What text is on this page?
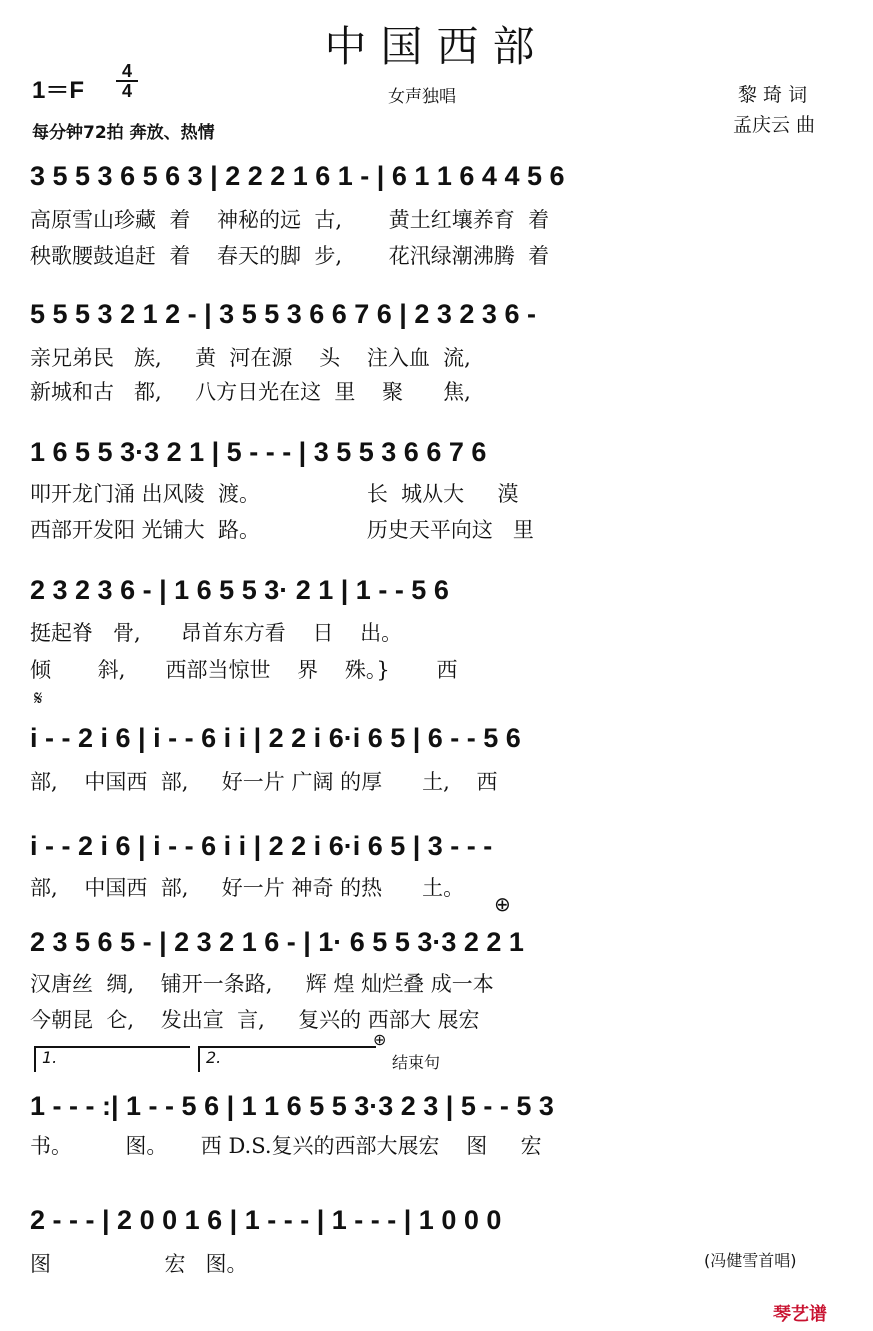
中国西部
1＝F
4
4	女声独唱	黎 琦 词
孟庆云 曲
每分钟72拍 奔放、热情
3 5 5 3 6 5 6 3 | 2 2 2 1 6 1 - | 6 1 1 6 4 4 5 6
高原雪山珍藏  着    神秘的远  古,       黄土红壤养育  着
秧歌腰鼓追赶  着    春天的脚  步,       花汛绿潮沸腾  着
5 5 5 3 2 1 2 - | 3 5 5 3 6 6 7 6 | 2 3 2 3 6 -
亲兄弟民   族,     黄  河在源    头    注入血  流,
新城和古   都,     八方日光在这  里    聚      焦,
1 6 5 5 3·3 2 1 | 5 - - - | 3 5 5 3 6 6 7 6
叩开龙门涌 出风陵  渡。                长  城从大     漠
西部开发阳 光铺大  路。                历史天平向这   里
2 3 2 3 6 - | 1 6 5 5 3· 2 1 | 1 - - 5 6
挺起脊   骨,      昂首东方看    日    出。
倾       斜,      西部当惊世    界    殊。}       西
𝄋
i - - 2 i 6 | i - - 6 i i | 2 2 i 6·i 6 5 | 6 - - 5 6
部,    中国西  部,     好一片 广阔 的厚      土,    西
i - - 2 i 6 | i - - 6 i i | 2 2 i 6·i 6 5 | 3 - - -
部,    中国西  部,     好一片 神奇 的热      土。
⊕
2 3 5 6 5 - | 2 3 2 1 6 - | 1· 6 5 5 3·3 2 2 1
汉唐丝  绸,    铺开一条路,     辉 煌 灿烂叠 成一本
今朝昆  仑,    发出宣  言,     复兴的 西部大 展宏
1.	2.
⊕
结束句
1 - - - :| 1 - - 5 6 | 1 1 6 5 5 3·3 2 3 | 5 - - 5 3
书。        图。     西 D.S.复兴的西部大展宏    图     宏
2 - - - | 2 0 0 1 6 | 1 - - - | 1 - - - | 1 0 0 0
图                 宏   图。	(冯健雪首唱)
琴艺谱
